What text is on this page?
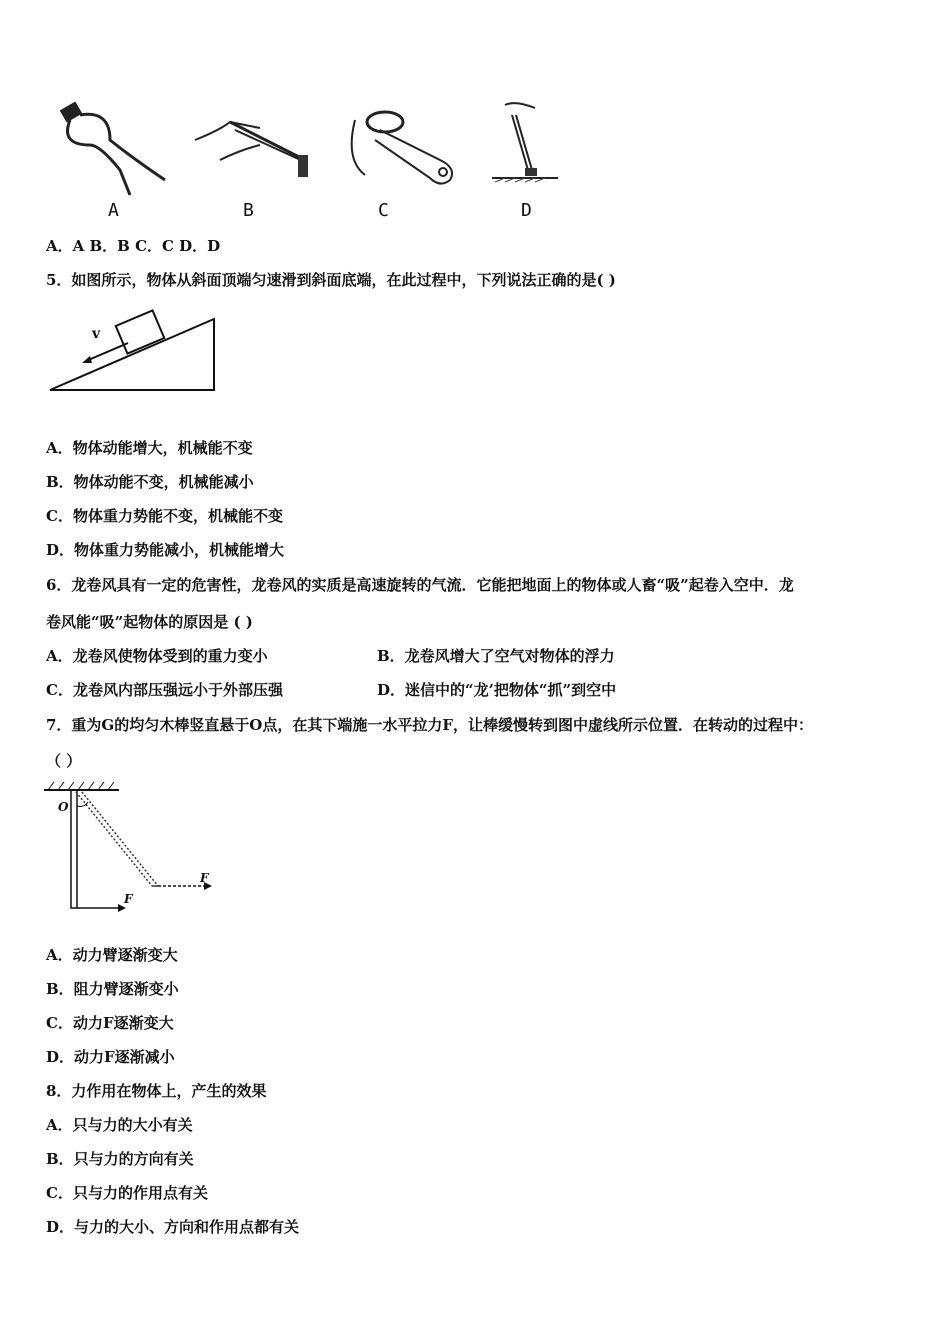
A	B	C	D
A．A B．B C．C D．D
5．如图所示，物体从斜面顶端匀速滑到斜面底端，在此过程中，下列说法正确的是( )
v
A．物体动能增大，机械能不变
B．物体动能不变，机械能减小
C．物体重力势能不变，机械能不变
D．物体重力势能减小，机械能增大
6．龙卷风具有一定的危害性，龙卷风的实质是高速旋转的气流．它能把地面上的物体或人畜“吸”起卷入空中．龙
卷风能“吸”起物体的原因是 ( )
A．龙卷风使物体受到的重力变小	B．龙卷风增大了空气对物体的浮力
C．龙卷风内部压强远小于外部压强	D．迷信中的“龙’把物体“抓”到空中
7．重为G的均匀木棒竖直悬于O点，在其下端施一水平拉力F，让棒缓慢转到图中虚线所示位置．在转动的过程中：
（ ）
O
F
F
A．动力臂逐渐变大
B．阻力臂逐渐变小
C．动力F逐渐变大
D．动力F逐渐减小
8．力作用在物体上，产生的效果
A．只与力的大小有关
B．只与力的方向有关
C．只与力的作用点有关
D．与力的大小、方向和作用点都有关
